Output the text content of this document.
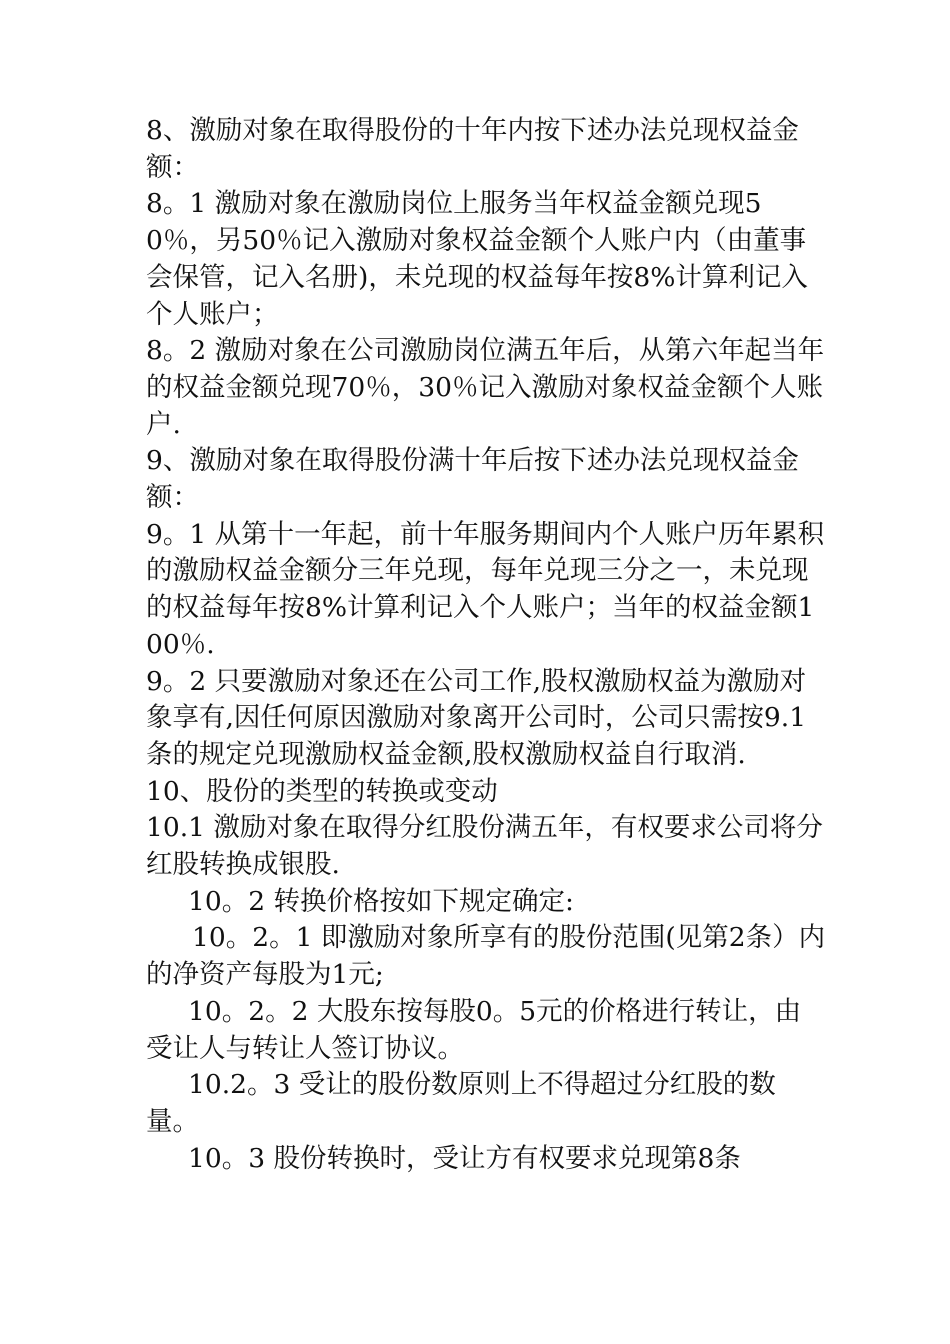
8、激励对象在取得股份的十年内按下述办法兑现权益金额：

8。1 激励对象在激励岗位上服务当年权益金额兑现50％，另50％记入激励对象权益金额个人账户内（由董事会保管，记入名册)，未兑现的权益每年按8%计算利记入个人账户；

8。2 激励对象在公司激励岗位满五年后，从第六年起当年的权益金额兑现70％，30％记入激励对象权益金额个人账户.

9、激励对象在取得股份满十年后按下述办法兑现权益金额：

9。1 从第十一年起，前十年服务期间内个人账户历年累积的激励权益金额分三年兑现，每年兑现三分之一，未兑现的权益每年按8%计算利记入个人账户；当年的权益金额100％.

9。2 只要激励对象还在公司工作,股权激励权益为激励对象享有,因任何原因激励对象离开公司时，公司只需按9.1条的规定兑现激励权益金额,股权激励权益自行取消.

10、股份的类型的转换或变动

10.1 激励对象在取得分红股份满五年，有权要求公司将分红股转换成银股.

10。2 转换价格按如下规定确定:

10。2。1 即激励对象所享有的股份范围(见第2条）内的净资产每股为1元;

10。2。2 大股东按每股0。5元的价格进行转让，由受让人与转让人签订协议。

10.2。3 受让的股份数原则上不得超过分红股的数量。

10。3 股份转换时，受让方有权要求兑现第8条
